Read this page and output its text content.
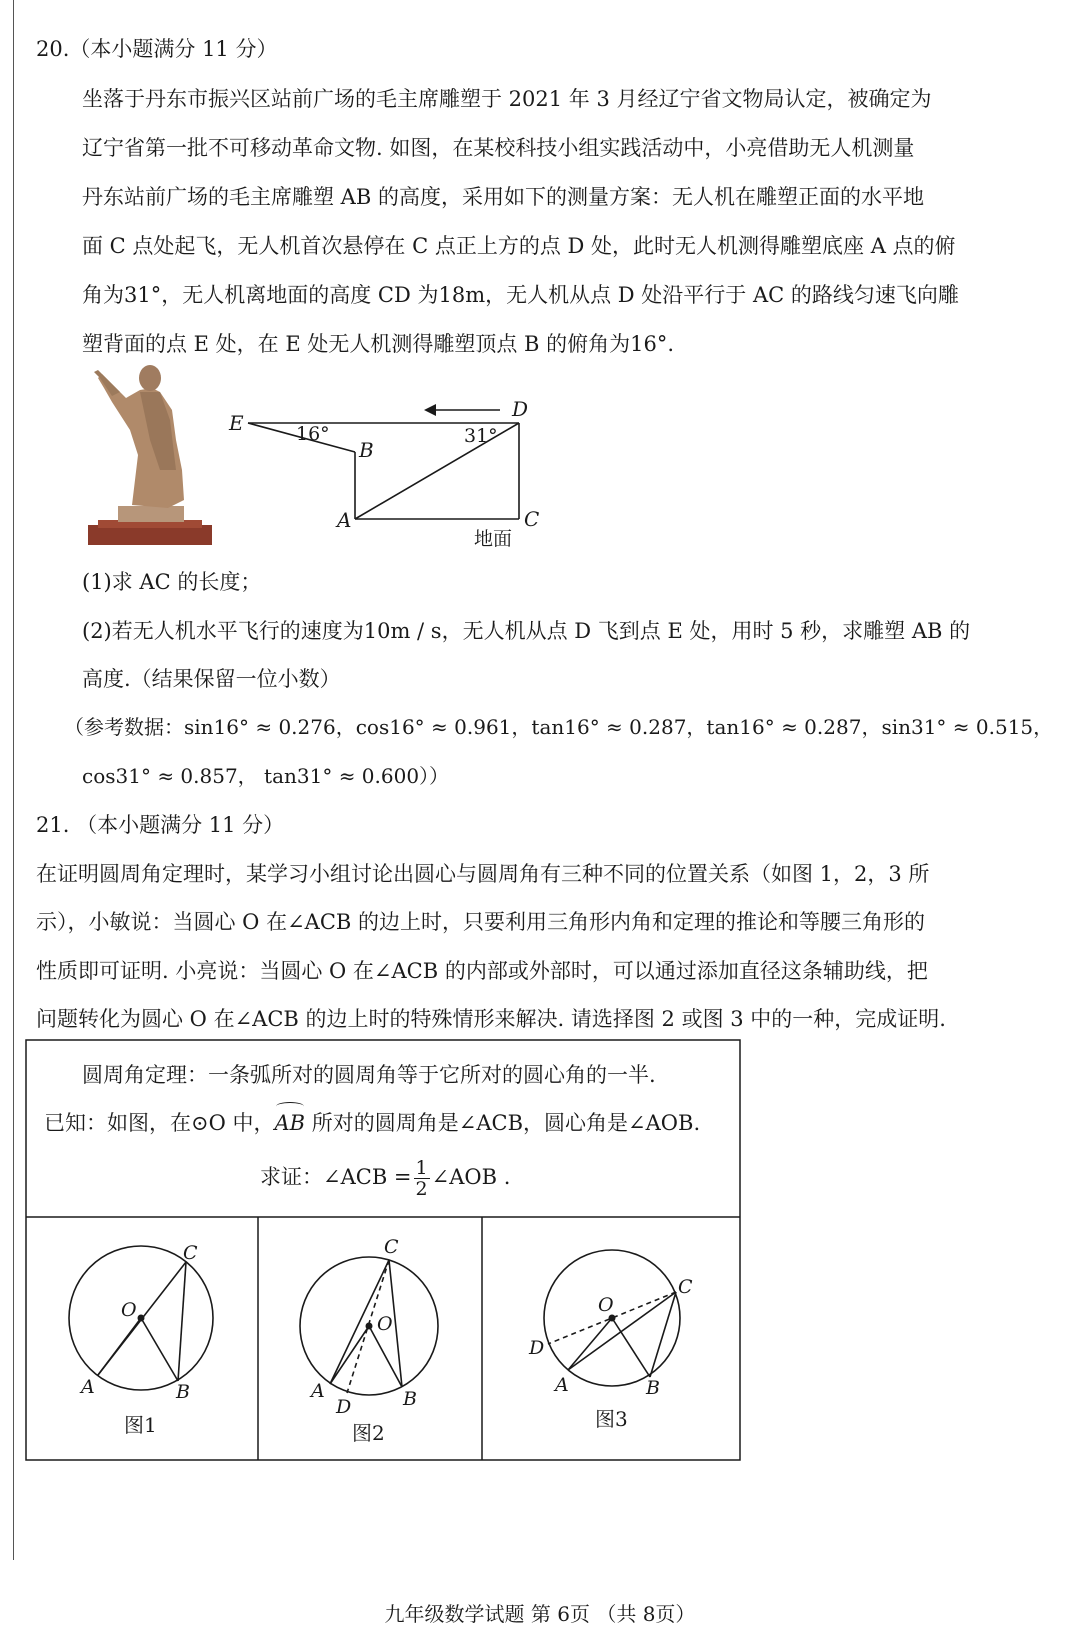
20.（本小题满分 11 分）
坐落于丹东市振兴区站前广场的毛主席雕塑于 2021 年 3 月经辽宁省文物局认定，被确定为
辽宁省第一批不可移动革命文物. 如图，在某校科技小组实践活动中，小亮借助无人机测量
丹东站前广场的毛主席雕塑 AB 的高度，采用如下的测量方案：无人机在雕塑正面的水平地
面 C 点处起飞，无人机首次悬停在 C 点正上方的点 D 处，此时无人机测得雕塑底座 A 点的俯
角为31°，无人机离地面的高度 CD 为18m，无人机从点 D 处沿平行于 AC 的路线匀速飞向雕
塑背面的点 E 处，在 E 处无人机测得雕塑顶点 B 的俯角为16°.
E
D
B
A	C
16°	31°
地面
(1)求 AC 的长度；
(2)若无人机水平飞行的速度为10m / s，无人机从点 D 飞到点 E 处，用时 5 秒，求雕塑 AB 的
高度.（结果保留一位小数）
（参考数据：sin16° ≈ 0.276，cos16° ≈ 0.961，tan16° ≈ 0.287，tan16° ≈ 0.287，sin31° ≈ 0.515，
cos31° ≈ 0.857， tan31° ≈ 0.600））
21. （本小题满分 11 分）
在证明圆周角定理时，某学习小组讨论出圆心与圆周角有三种不同的位置关系（如图 1，2，3 所
示），小敏说：当圆心 O 在∠ACB 的边上时，只要利用三角形内角和定理的推论和等腰三角形的
性质即可证明. 小亮说：当圆心 O 在∠ACB 的内部或外部时，可以通过添加直径这条辅助线，把
问题转化为圆心 O 在∠ACB 的边上时的特殊情形来解决. 请选择图 2 或图 3 中的一种，完成证明.
圆周角定理：一条弧所对的圆周角等于它所对的圆心角的一半.
已知：如图，在⊙O 中，AB 所对的圆周角是∠ACB，圆心角是∠AOB.
求证：∠ACB = $\frac{1}{2}$ ∠AOB .
O
A	B
C
O
A	B
C
D
O
A	B
C
D
图1	图2
图3
九年级数学试题 第 6页 （共 8页）
